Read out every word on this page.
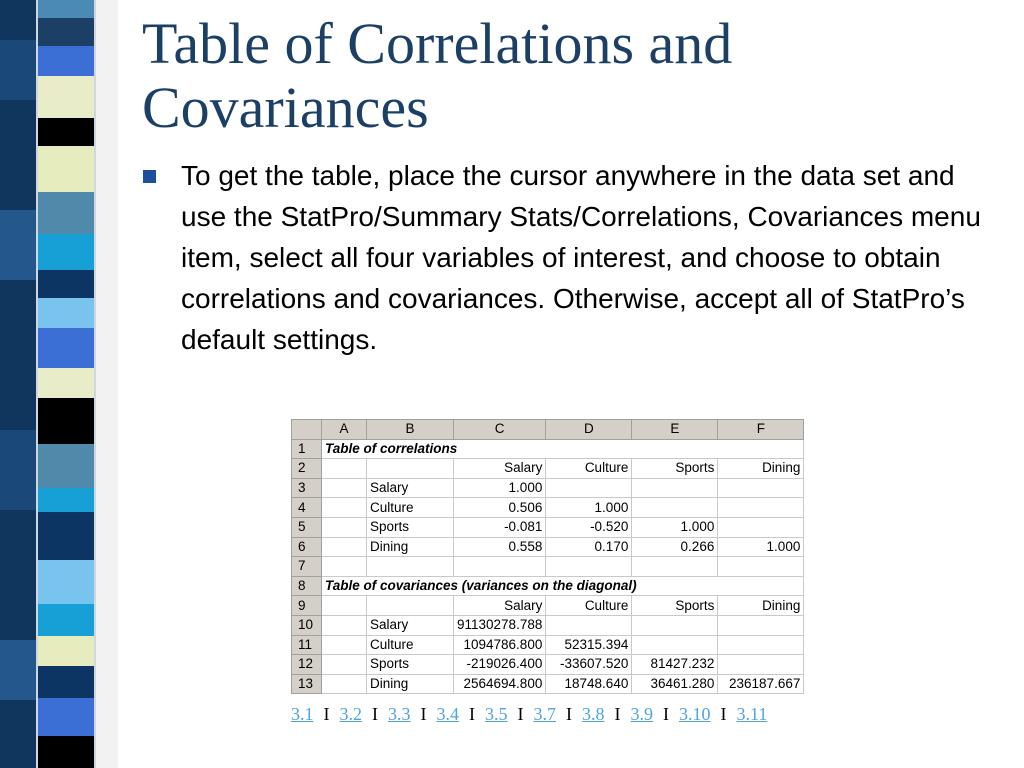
Table of Correlations and Covariances
To get the table, place the cursor anywhere in the data set and use the StatPro/Summary Stats/Correlations, Covariances menu item, select all four variables of interest, and choose to obtain correlations and covariances. Otherwise, accept all of StatPro’s default settings.
	A	B	C	D	E	F
1	Table of correlations					
2			Salary	Culture	Sports	Dining
3		Salary	1.000			
4		Culture	0.506	1.000		
5		Sports	-0.081	-0.520	1.000	
6		Dining	0.558	0.170	0.266	1.000
7						
8	Table of covariances (variances on the diagonal)					
9			Salary	Culture	Sports	Dining
10		Salary	91130278.788			
11		Culture	1094786.800	52315.394		
12		Sports	-219026.400	-33607.520	81427.232	
13		Dining	2564694.800	18748.640	36461.280	236187.667
3.1 I 3.2 I 3.3 I 3.4 I 3.5 I 3.7 I 3.8 I 3.9 I 3.10 I 3.11
